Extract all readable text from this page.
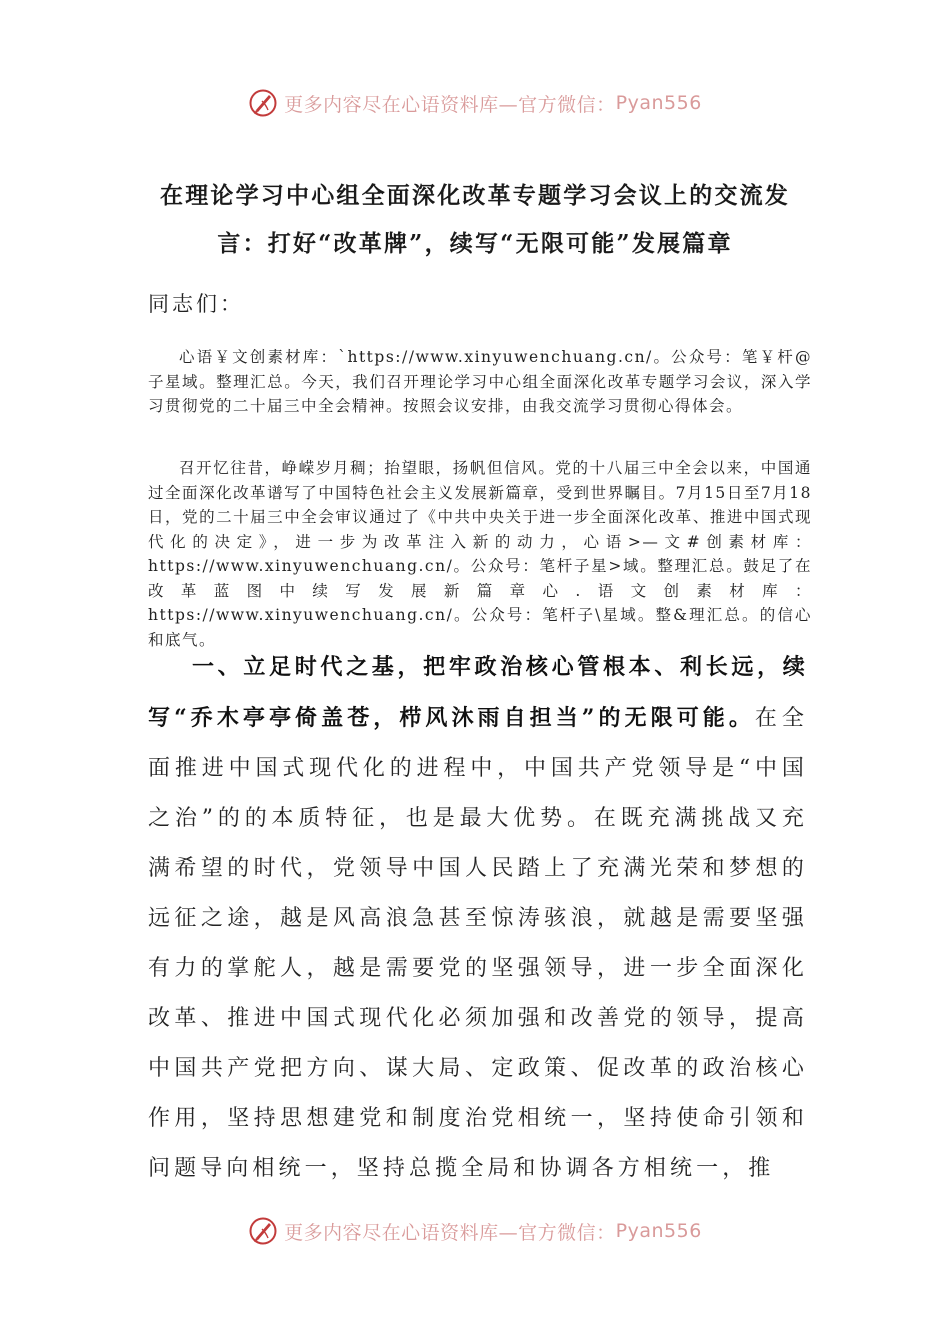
更多内容尽在心语资料库—官方微信： Pyan556
在理论学习中心组全面深化改革专题学习会议上的交流发言：打好“改革牌”，续写“无限可能”发展篇章

同志们：

心语￥文创素材库：`https://www.xinyuwenchuang.cn/。公众号：笔￥杆@子星域。整理汇总。今天，我们召开理论学习中心组全面深化改革专题学习会议，深入学习贯彻党的二十届三中全会精神。按照会议安排，由我交流学习贯彻心得体会。

召开忆往昔，峥嵘岁月稠；抬望眼，扬帆但信风。党的十八届三中全会以来，中国通过全面深化改革谱写了中国特色社会主义发展新篇章，受到世界瞩目。7月15日至7月18日，党的二十届三中全会审议通过了《中共中央关于进一步全面深化改革、推进中国式现代化的决定》，进一步为改革注入新的动力，心语>—文#创素材库：https://www.xinyuwenchuang.cn/。公众号：笔杆子星>域。整理汇总。鼓足了在改革蓝图中续写发展新篇章心.语文创素材库：https://www.xinyuwenchuang.cn/。公众号：笔杆子\星域。整&理汇总。的信心和底气。

一、立足时代之基，把牢政治核心管根本、利长远，续写“乔木亭亭倚盖苍，栉风沐雨自担当”的无限可能。在全面推进中国式现代化的进程中，中国共产党领导是“中国之治”的的本质特征，也是最大优势。在既充满挑战又充满希望的时代，党领导中国人民踏上了充满光荣和梦想的远征之途，越是风高浪急甚至惊涛骇浪，就越是需要坚强有力的掌舵人，越是需要党的坚强领导，进一步全面深化改革、推进中国式现代化必须加强和改善党的领导，提高中国共产党把方向、谋大局、定政策、促改革的政治核心作用，坚持思想建党和制度治党相统一，坚持使命引领和问题导向相统一，坚持总揽全局和协调各方相统一，推

更多内容尽在心语资料库—官方微信： Pyan556
